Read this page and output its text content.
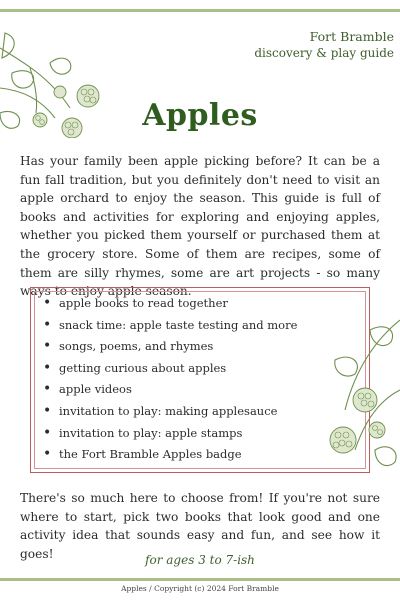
Fort Bramble
discovery & play guide
Apples

Has your family been apple picking before? It can be a fun fall tradition, but you definitely don't need to visit an apple orchard to enjoy the season. This guide is full of books and activities for exploring and enjoying apples, whether you picked them yourself or purchased them at the grocery store. Some of them are recipes, some of them are silly rhymes, some are art projects - so many ways to enjoy apple season.

• apple books to read together
• snack time: apple taste testing and more
• songs, poems, and rhymes
• getting curious about apples
• apple videos
• invitation to play: making applesauce
• invitation to play: apple stamps
• the Fort Bramble Apples badge

There's so much here to choose from! If you're not sure where to start, pick two books that look good and one activity idea that sounds easy and fun, and see how it goes!	for ages 3 to 7-ish
Apples / Copyright (c) 2024 Fort Bramble
